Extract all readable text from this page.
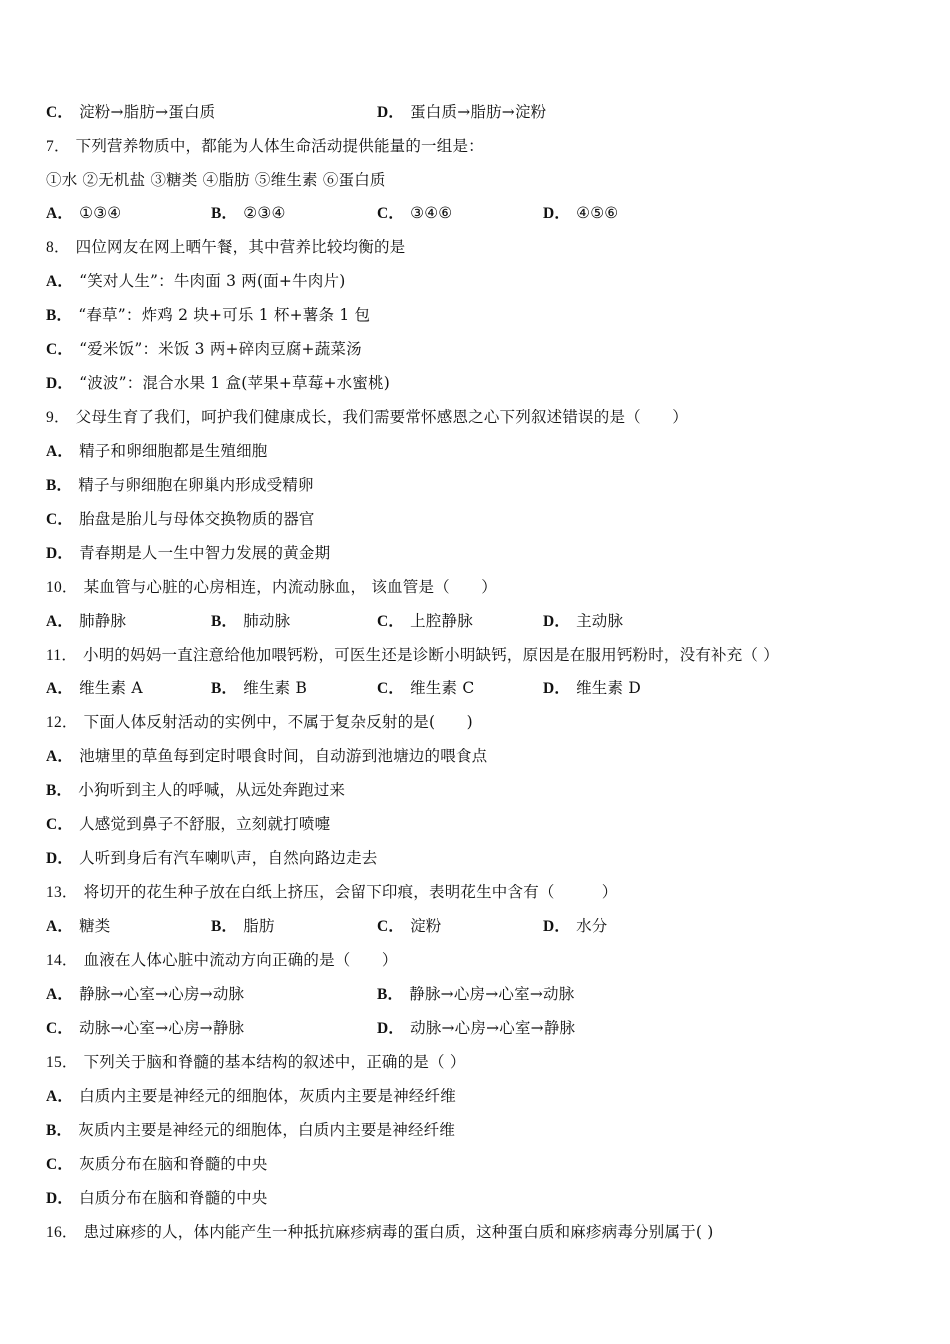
C． 淀粉→脂肪→蛋白质	D． 蛋白质→脂肪→淀粉
7． 下列营养物质中，都能为人体生命活动提供能量的一组是：
①水 ②无机盐 ③糖类 ④脂肪 ⑤维生素 ⑥蛋白质
A． ①③④	B． ②③④	C． ③④⑥	D． ④⑤⑥
8． 四位网友在网上晒午餐，其中营养比较均衡的是
A． “笑对人生”：牛肉面 3 两(面+牛肉片)
B． “春草”：炸鸡 2 块+可乐 1 杯+薯条 1 包
C． “爱米饭”：米饭 3 两+碎肉豆腐+蔬菜汤
D． “波波”：混合水果 1 盒(苹果+草莓+水蜜桃)
9． 父母生育了我们，呵护我们健康成长，我们需要常怀感恩之心下列叙述错误的是（　　）
A． 精子和卵细胞都是生殖细胞
B． 精子与卵细胞在卵巢内形成受精卵
C． 胎盘是胎儿与母体交换物质的器官
D． 青春期是人一生中智力发展的黄金期
10． 某血管与心脏的心房相连，内流动脉血， 该血管是（　　）
A． 肺静脉	B． 肺动脉	C． 上腔静脉	D． 主动脉
11． 小明的妈妈一直注意给他加喂钙粉，可医生还是诊断小明缺钙，原因是在服用钙粉时，没有补充（ ）
A． 维生素 A	B． 维生素 B	C． 维生素 C	D． 维生素 D
12． 下面人体反射活动的实例中，不属于复杂反射的是(　　)
A． 池塘里的草鱼每到定时喂食时间，自动游到池塘边的喂食点
B． 小狗听到主人的呼喊，从远处奔跑过来
C． 人感觉到鼻子不舒服，立刻就打喷嚏
D． 人听到身后有汽车喇叭声，自然向路边走去
13． 将切开的花生种子放在白纸上挤压，会留下印痕，表明花生中含有（　　　）
A． 糖类	B． 脂肪	C． 淀粉	D． 水分
14． 血液在人体心脏中流动方向正确的是（　　）
A． 静脉→心室→心房→动脉	B． 静脉→心房→心室→动脉
C． 动脉→心室→心房→静脉	D． 动脉→心房→心室→静脉
15． 下列关于脑和脊髓的基本结构的叙述中，正确的是（ ）
A． 白质内主要是神经元的细胞体，灰质内主要是神经纤维
B． 灰质内主要是神经元的细胞体，白质内主要是神经纤维
C． 灰质分布在脑和脊髓的中央
D． 白质分布在脑和脊髓的中央
16． 患过麻疹的人，体内能产生一种抵抗麻疹病毒的蛋白质，这种蛋白质和麻疹病毒分别属于( )
